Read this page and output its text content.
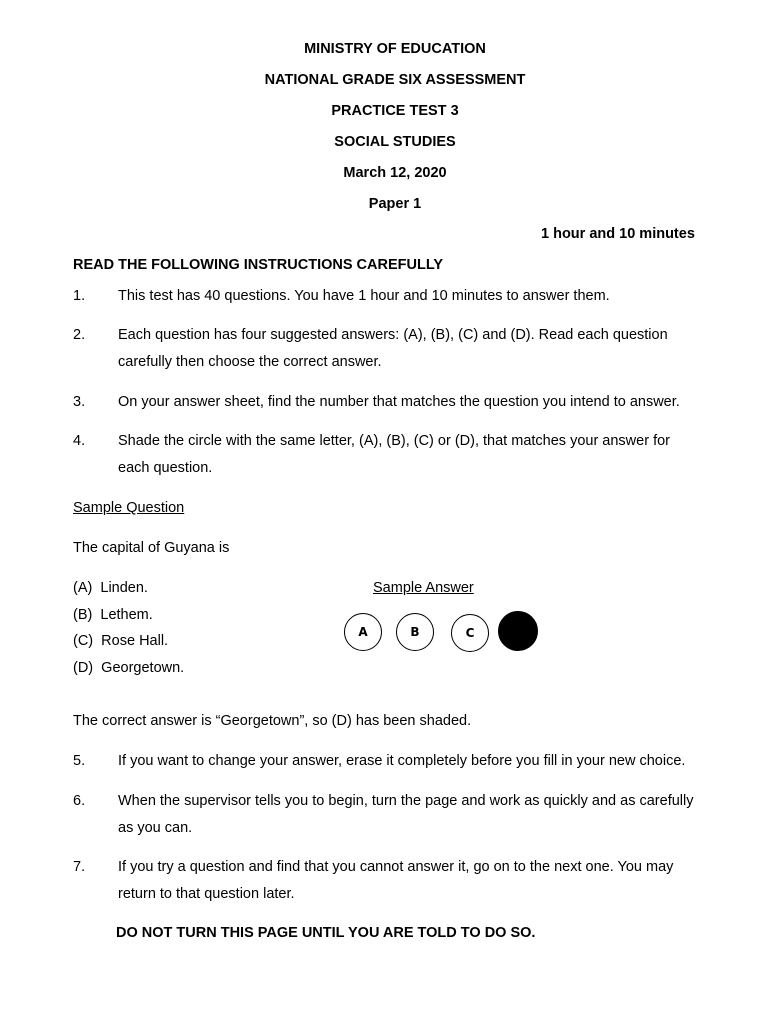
MINISTRY OF EDUCATION
NATIONAL GRADE SIX ASSESSMENT
PRACTICE TEST 3
SOCIAL STUDIES
March 12, 2020
Paper 1
1 hour and 10 minutes
READ THE FOLLOWING INSTRUCTIONS CAREFULLY
1. This test has 40 questions. You have 1 hour and 10 minutes to answer them.
2. Each question has four suggested answers: (A), (B), (C) and (D). Read each question
carefully then choose the correct answer.
3. On your answer sheet, find the number that matches the question you intend to answer.
4. Shade the circle with the same letter, (A), (B), (C) or (D), that matches your answer for
each question.
Sample Question
The capital of Guyana is
(A)  Linden.
(B)  Lethem.
(C)  Rose Hall.
(D)  Georgetown.
Sample Answer
A	B	C
The correct answer is “Georgetown”, so (D) has been shaded.
5. If you want to change your answer, erase it completely before you fill in your new choice.
6. When the supervisor tells you to begin, turn the page and work as quickly and as carefully
as you can.
7. If you try a question and find that you cannot answer it, go on to the next one. You may
return to that question later.
DO NOT TURN THIS PAGE UNTIL YOU ARE TOLD TO DO SO.
